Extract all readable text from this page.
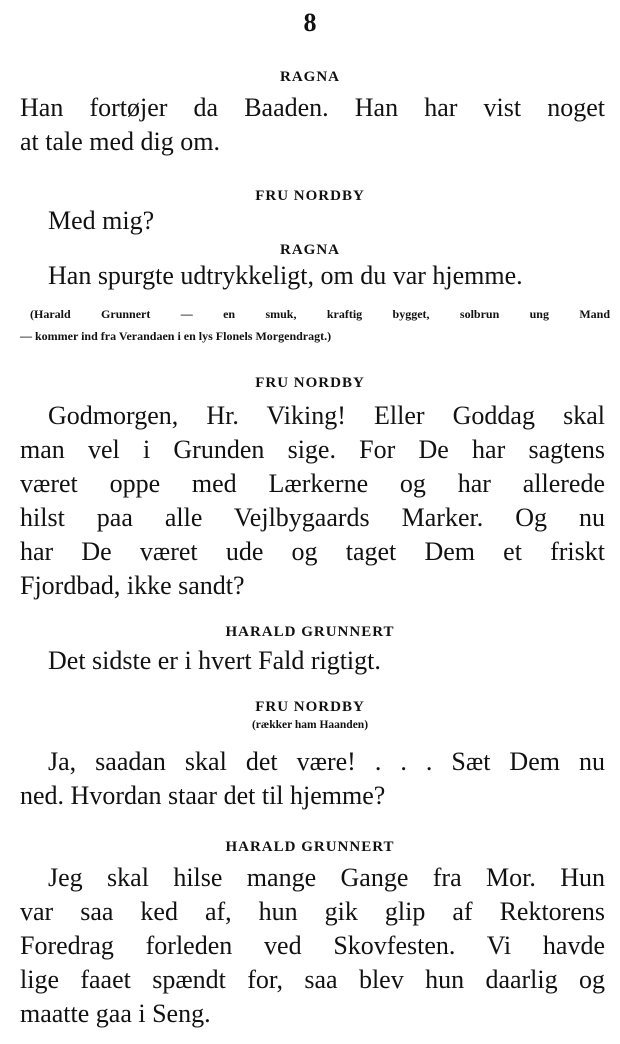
8
RAGNA
Han fortøjer da Baaden. Han har vist noget
at tale med dig om.
FRU NORDBY
Med mig?
RAGNA
Han spurgte udtrykkeligt, om du var hjemme.
(Harald Grunnert — en smuk, kraftig bygget, solbrun ung Mand
— kommer ind fra Verandaen i en lys Flonels Morgendragt.)
FRU NORDBY
Godmorgen, Hr. Viking! Eller Goddag skal
man vel i Grunden sige. For De har sagtens
været oppe med Lærkerne og har allerede
hilst paa alle Vejlbygaards Marker. Og nu
har De været ude og taget Dem et friskt
Fjordbad, ikke sandt?
HARALD GRUNNERT
Det sidste er i hvert Fald rigtigt.
FRU NORDBY
(rækker ham Haanden)
Ja, saadan skal det være! . . . Sæt Dem nu
ned. Hvordan staar det til hjemme?
HARALD GRUNNERT
Jeg skal hilse mange Gange fra Mor. Hun
var saa ked af, hun gik glip af Rektorens
Foredrag forleden ved Skovfesten. Vi havde
lige faaet spændt for, saa blev hun daarlig og
maatte gaa i Seng.
